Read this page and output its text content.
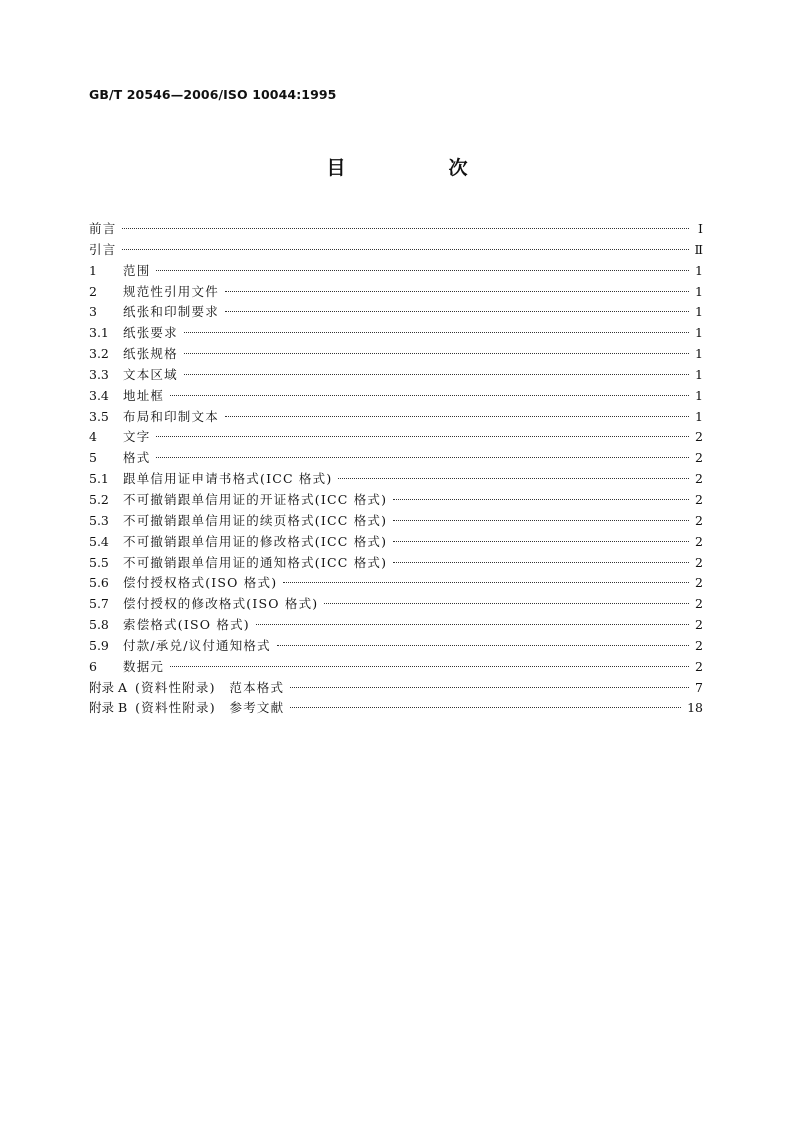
GB/T 20546—2006/ISO 10044:1995
目　次
前言	Ⅰ
引言	Ⅱ
1	范围	1
2	规范性引用文件	1
3	纸张和印制要求	1
3.1	纸张要求	1
3.2	纸张规格	1
3.3	文本区域	1
3.4	地址框	1
3.5	布局和印制文本	1
4	文字	2
5	格式	2
5.1	跟单信用证申请书格式(ICC 格式)	2
5.2	不可撤销跟单信用证的开证格式(ICC 格式)	2
5.3	不可撤销跟单信用证的续页格式(ICC 格式)	2
5.4	不可撤销跟单信用证的修改格式(ICC 格式)	2
5.5	不可撤销跟单信用证的通知格式(ICC 格式)	2
5.6	偿付授权格式(ISO 格式)	2
5.7	偿付授权的修改格式(ISO 格式)	2
5.8	索偿格式(ISO 格式)	2
5.9	付款/承兑/议付通知格式	2
6	数据元	2
附录 A (资料性附录)　范本格式	7
附录 B (资料性附录)　参考文献	18
